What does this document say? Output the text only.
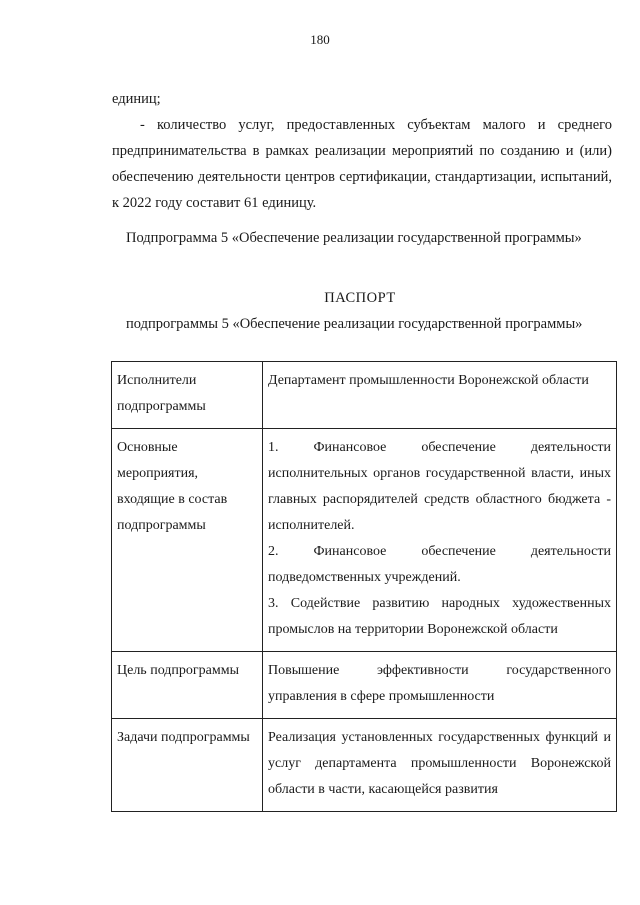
180
единиц;
- количество услуг, предоставленных субъектам малого и среднего предпринимательства в рамках реализации мероприятий по созданию и (или) обеспечению деятельности центров сертификации, стандартизации, испытаний, к 2022 году составит 61 единицу.
Подпрограмма 5 «Обеспечение реализации государственной программы»
ПАСПОРТ
подпрограммы 5 «Обеспечение реализации государственной программы»
Исполнители подпрограммы	Департамент промышленности Воронежской области
Основные мероприятия, входящие в состав подпрограммы	1. Финансовое обеспечение деятельности исполнительных органов государственной власти, иных главных распорядителей средств областного бюджета - исполнителей.
2. Финансовое обеспечение деятельности подведомственных учреждений.
3. Содействие развитию народных художественных промыслов на территории Воронежской области

Цель подпрограммы	Повышение эффективности государственного управления в сфере промышленности
Задачи подпрограммы	Реализация установленных государственных функций и услуг департамента промышленности Воронежской области в части, касающейся развития
